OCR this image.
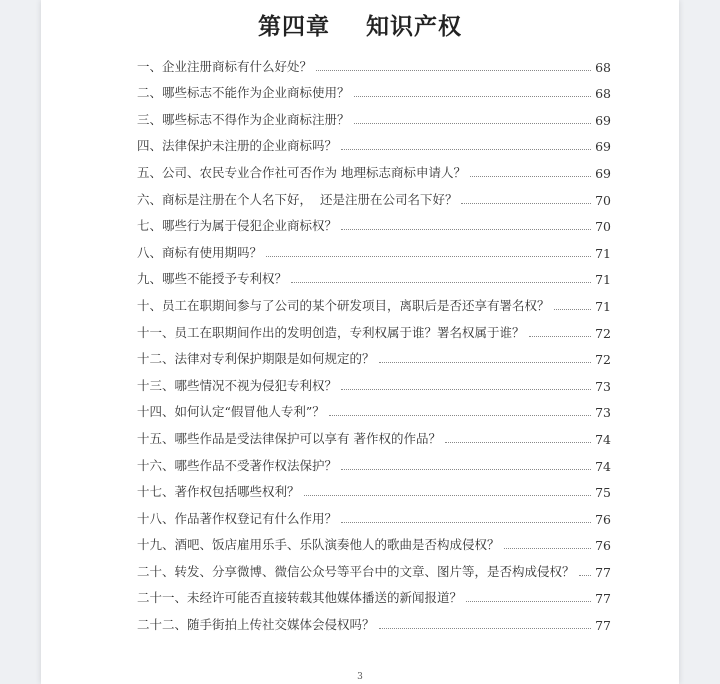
第四章    知识产权
一、企业注册商标有什么好处？	68
二、哪些标志不能作为企业商标使用？	68
三、哪些标志不得作为企业商标注册？	69
四、法律保护未注册的企业商标吗？	69
五、公司、农民专业合作社可否作为 地理标志商标申请人？	69
六、商标是注册在个人名下好，  还是注册在公司名下好？	70
七、哪些行为属于侵犯企业商标权？	70
八、商标有使用期吗？	71
九、哪些不能授予专利权？	71
十、员工在职期间参与了公司的某个研发项目，离职后是否还享有署名权？	71
十一、员工在职期间作出的发明创造，专利权属于谁？署名权属于谁？	72
十二、法律对专利保护期限是如何规定的？	72
十三、哪些情况不视为侵犯专利权？	73
十四、如何认定“假冒他人专利”？	73
十五、哪些作品是受法律保护可以享有 著作权的作品？	74
十六、哪些作品不受著作权法保护？	74
十七、著作权包括哪些权利？	75
十八、作品著作权登记有什么作用？	76
十九、酒吧、饭店雇用乐手、乐队演奏他人的歌曲是否构成侵权？	76
二十、转发、分享微博、微信公众号等平台中的文章、图片等，是否构成侵权？ 77
二十一、未经许可能否直接转载其他媒体播送的新闻报道？	77
二十二、随手街拍上传社交媒体会侵权吗？	77
3
